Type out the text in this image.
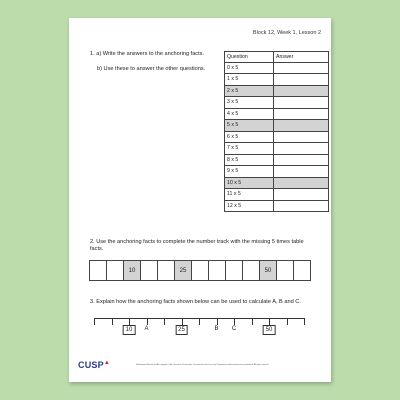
Block 12, Week 1, Lesson 2
1. a) Write the answers to the anchoring facts.
b) Use these to answer the other questions.
Question	Answer
0 x 5	
1 x 5	
2 x 5	
3 x 5	
4 x 5	
5 x 5	
6 x 5	
7 x 5	
8 x 5	
9 x 5	
10 x 5	
11 x 5	
12 x 5	
2. Use the anchoring facts to complete the number track with the missing 5 times table facts.
10	25	50
3. Explain how the anchoring facts shown below can be used to calculate A, B and C.
10	A	25	B C	50
CUSP▲	Mathematics Mastery and Ark copyright © Ark Curriculum Partnerships. Licensed for school use only. Reproduction without permission is prohibited. All rights reserved.
